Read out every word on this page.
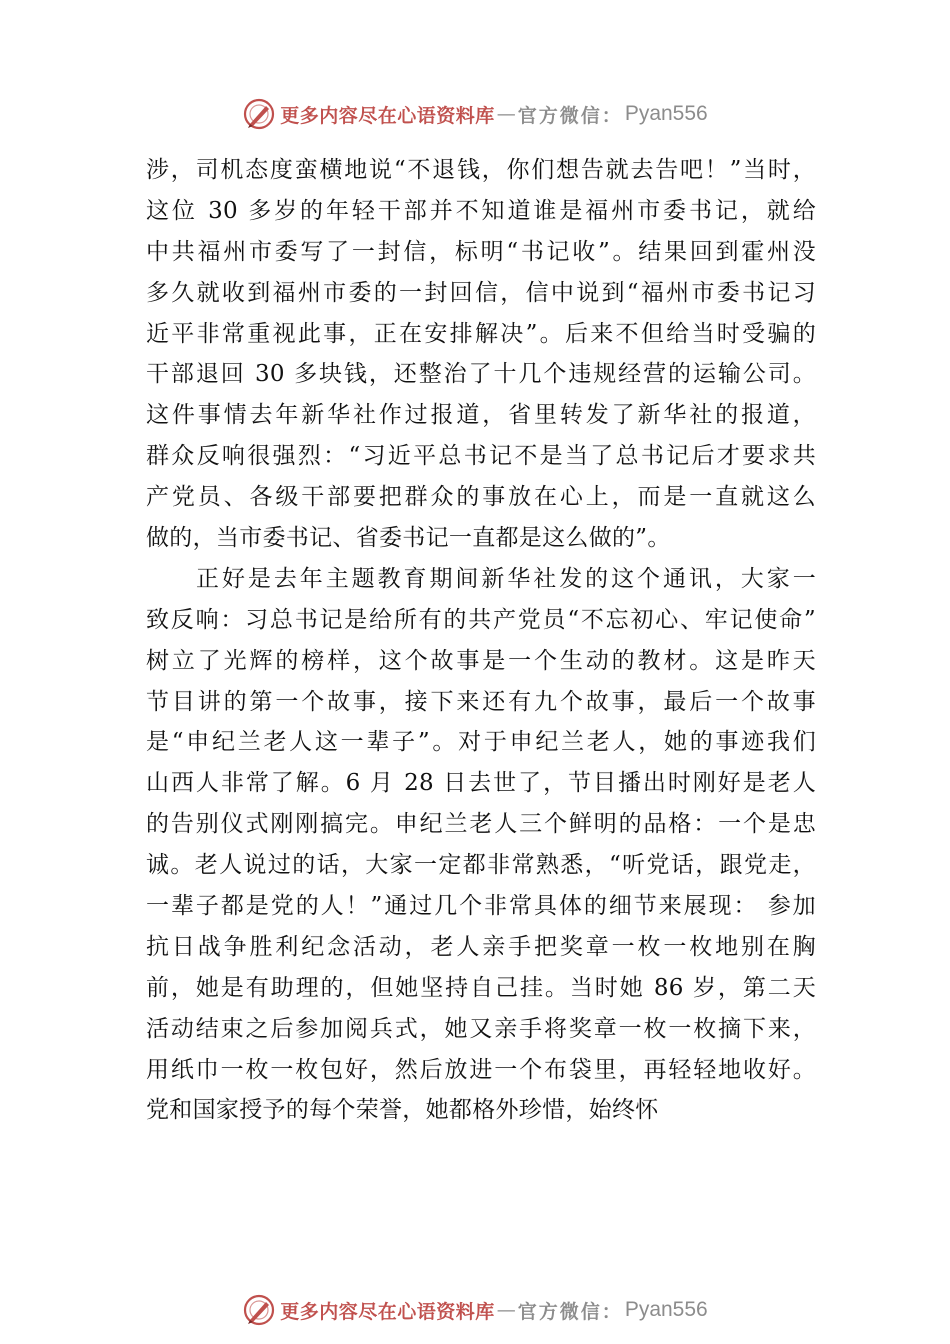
更多内容尽在心语资料库 — 官方微信： Pyan556
涉，司机态度蛮横地说“不退钱，你们想告就去告吧！”当时，
这位 30 多岁的年轻干部并不知道谁是福州市委书记，就给
中共福州市委写了一封信，标明“书记收”。结果回到霍州没
多久就收到福州市委的一封回信，信中说到“福州市委书记习
近平非常重视此事，正在安排解决”。后来不但给当时受骗的
干部退回 30 多块钱，还整治了十几个违规经营的运输公司。
这件事情去年新华社作过报道，省里转发了新华社的报道，
群众反响很强烈：“习近平总书记不是当了总书记后才要求共
产党员、各级干部要把群众的事放在心上，而是一直就这么
做的，当市委书记、省委书记一直都是这么做的”。
正好是去年主题教育期间新华社发的这个通讯，大家一
致反响：习总书记是给所有的共产党员“不忘初心、牢记使命”
树立了光辉的榜样，这个故事是一个生动的教材。这是昨天
节目讲的第一个故事，接下来还有九个故事，最后一个故事
是“申纪兰老人这一辈子”。对于申纪兰老人，她的事迹我们
山西人非常了解。6 月 28 日去世了，节目播出时刚好是老人
的告别仪式刚刚搞完。申纪兰老人三个鲜明的品格：一个是忠
诚。老人说过的话，大家一定都非常熟悉，“听党话，跟党走，
一辈子都是党的人！”通过几个非常具体的细节来展现： 参加
抗日战争胜利纪念活动，老人亲手把奖章一枚一枚地别在胸
前，她是有助理的，但她坚持自己挂。当时她 86 岁，第二天
活动结束之后参加阅兵式，她又亲手将奖章一枚一枚摘下来，
用纸巾一枚一枚包好，然后放进一个布袋里，再轻轻地收好。
党和国家授予的每个荣誉，她都格外珍惜，始终怀
更多内容尽在心语资料库 — 官方微信： Pyan556
